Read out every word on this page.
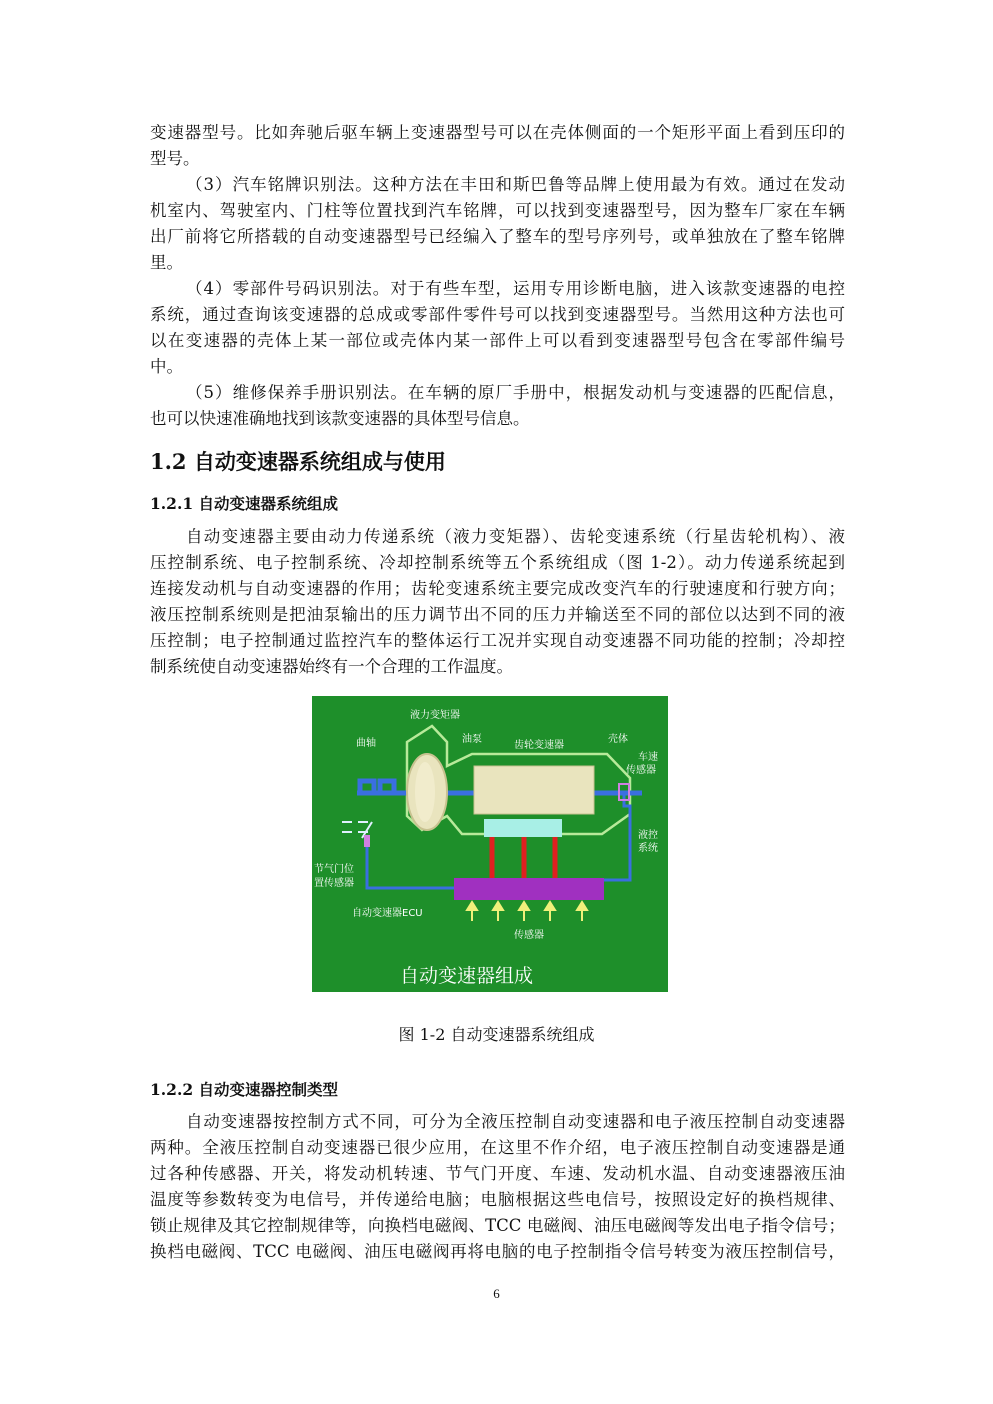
变速器型号。比如奔驰后驱车辆上变速器型号可以在壳体侧面的一个矩形平面上看到压印的
型号。
（3）汽车铭牌识别法。这种方法在丰田和斯巴鲁等品牌上使用最为有效。通过在发动
机室内、驾驶室内、门柱等位置找到汽车铭牌，可以找到变速器型号，因为整车厂家在车辆
出厂前将它所搭载的自动变速器型号已经编入了整车的型号序列号，或单独放在了整车铭牌
里。
（4）零部件号码识别法。对于有些车型，运用专用诊断电脑，进入该款变速器的电控
系统，通过查询该变速器的总成或零部件零件号可以找到变速器型号。当然用这种方法也可
以在变速器的壳体上某一部位或壳体内某一部件上可以看到变速器型号包含在零部件编号
中。
（5）维修保养手册识别法。在车辆的原厂手册中，根据发动机与变速器的匹配信息，
也可以快速准确地找到该款变速器的具体型号信息。
1.2 自动变速器系统组成与使用
1.2.1 自动变速器系统组成
自动变速器主要由动力传递系统（液力变矩器）、齿轮变速系统（行星齿轮机构）、液
压控制系统、电子控制系统、冷却控制系统等五个系统组成（图 1-2）。动力传递系统起到
连接发动机与自动变速器的作用；齿轮变速系统主要完成改变汽车的行驶速度和行驶方向；
液压控制系统则是把油泵输出的压力调节出不同的压力并输送至不同的部位以达到不同的液
压控制；电子控制通过监控汽车的整体运行工况并实现自动变速器不同功能的控制；冷却控
制系统使自动变速器始终有一个合理的工作温度。
曲轴
液力变矩器
油泵
齿轮变速器
壳体
车速
传感器
液控
系统
节气门位
置传感器
自动变速器ECU
传感器
自动变速器组成
图 1-2 自动变速器系统组成
1.2.2 自动变速器控制类型
自动变速器按控制方式不同，可分为全液压控制自动变速器和电子液压控制自动变速器
两种。全液压控制自动变速器已很少应用，在这里不作介绍，电子液压控制自动变速器是通
过各种传感器、开关，将发动机转速、节气门开度、车速、发动机水温、自动变速器液压油
温度等参数转变为电信号，并传递给电脑；电脑根据这些电信号，按照设定好的换档规律、
锁止规律及其它控制规律等，向换档电磁阀、TCC 电磁阀、油压电磁阀等发出电子指令信号；
换档电磁阀、TCC 电磁阀、油压电磁阀再将电脑的电子控制指令信号转变为液压控制信号，
6
